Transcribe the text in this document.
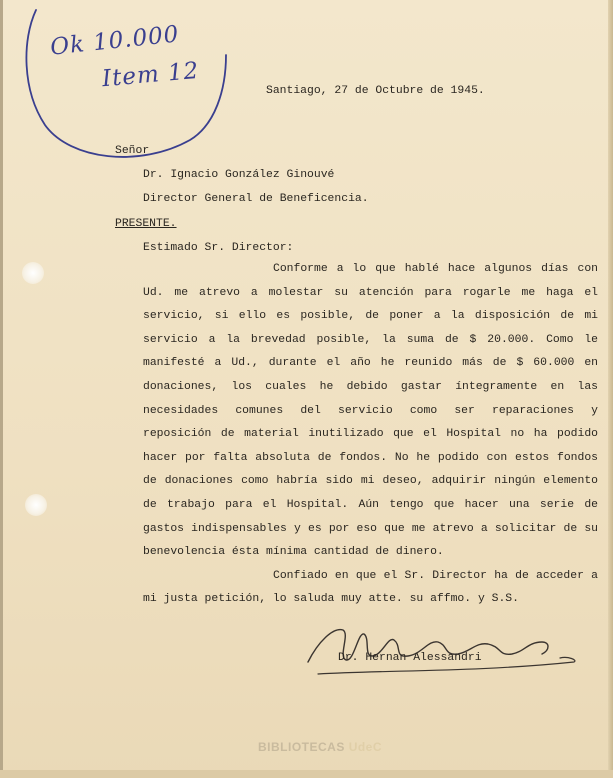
Ok 10.000
Item 12	Santiago, 27 de Octubre de 1945.
Señor
Dr. Ignacio González Ginouvé
Director General de Beneficencia.
PRESENTE.
Estimado Sr. Director:

Conforme a lo que hablé hace algunos días con Ud. me atrevo a molestar su atención para rogarle me haga el servicio, si ello es posible, de poner a la disposición de mi servicio a la brevedad posible, la suma de $ 20.000. Como le manifesté a Ud., durante el año he reunido más de $ 60.000 en donaciones, los cuales he debido gastar íntegramente en las necesidades comunes del servicio como ser reparaciones y reposición de material inutilizado que el Hospital no ha podido hacer por falta absoluta de fondos. No he podido con estos fondos de donaciones como habría sido mi deseo, adquirir ningún elemento de trabajo para el Hospital. Aún tengo que hacer una serie de gastos indispensables y es por eso que me atrevo a solicitar de su benevolencia ésta mínima cantidad de dinero.

Confiado en que el Sr. Director ha de acceder a mi justa petición, lo saluda muy atte. su affmo. y S.S.

Dr. Hernan Alessandri
BIBLIOTECAS UdeC
